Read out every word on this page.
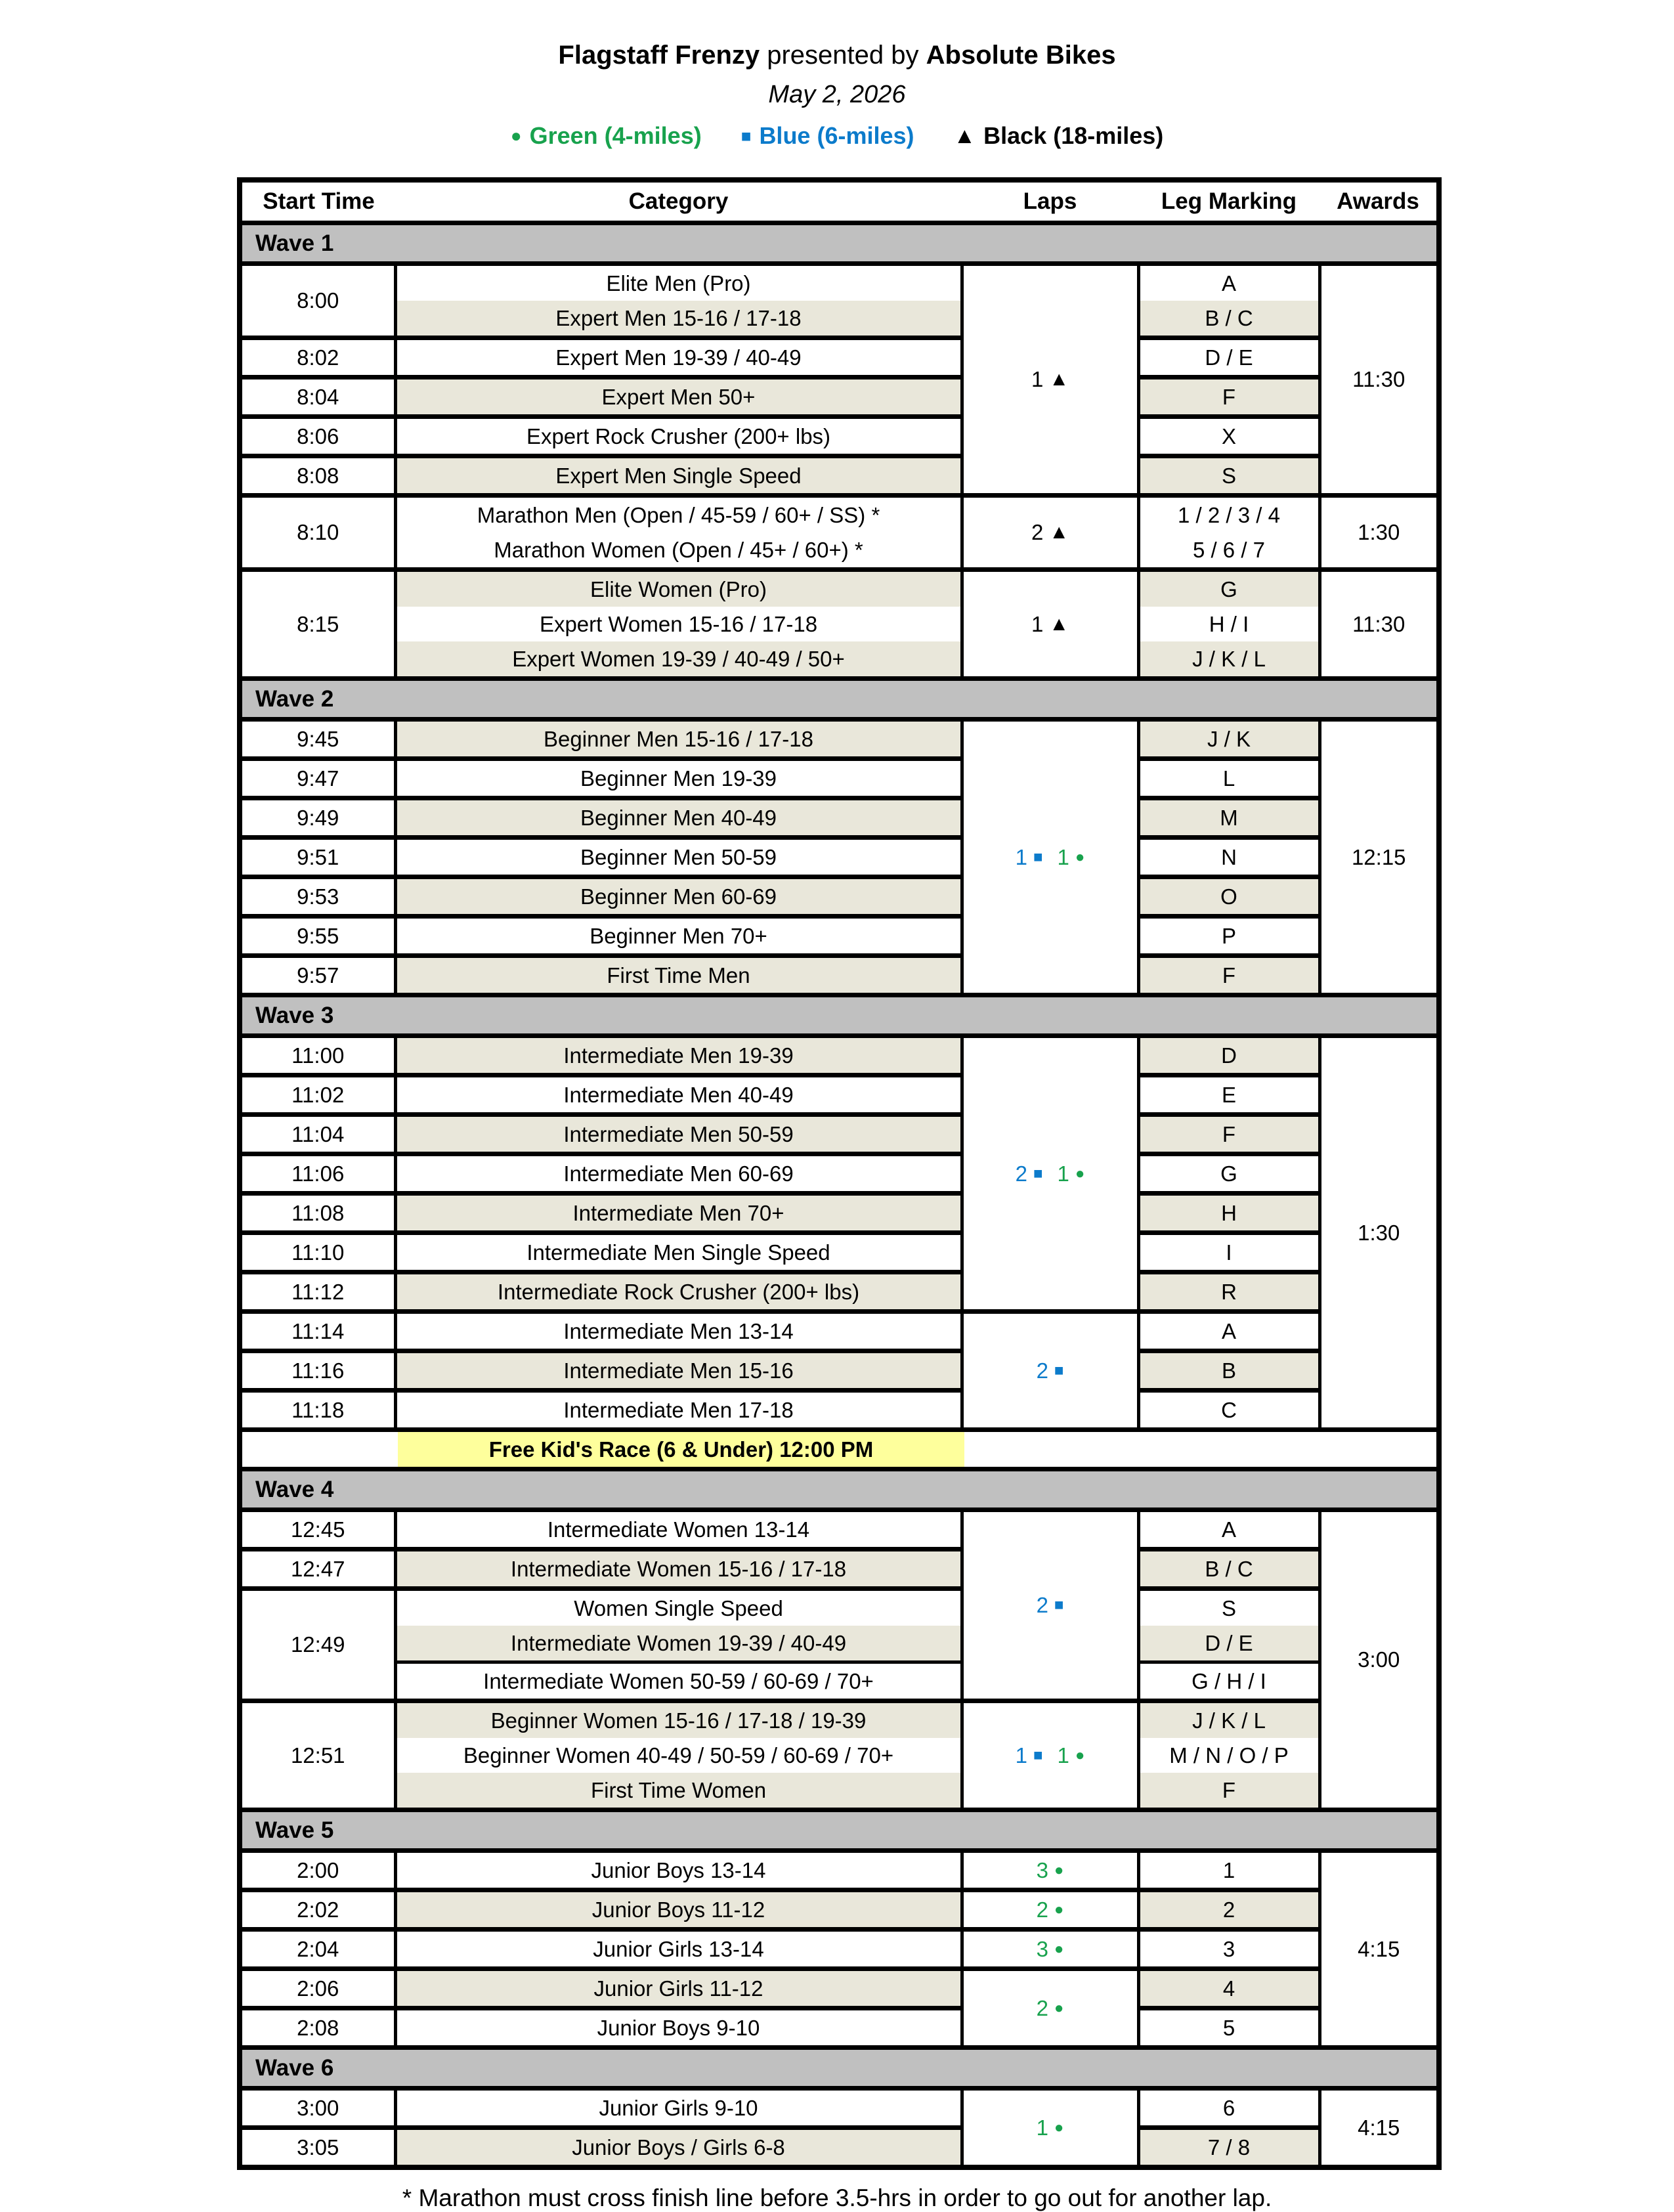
Flagstaff Frenzy presented by Absolute Bikes
May 2, 2026
● Green (4-miles) ■ Blue (6-miles) ▲ Black (18-miles)
Start Time	Category	Laps	Leg Marking	Awards
Wave 1				
8:00	Elite Men (Pro)	1 ▲	A	11:30
	Expert Men 15-16 / 17-18		B / C	
8:02	Expert Men 19-39 / 40-49		D / E	
8:04	Expert Men 50+		F	
8:06	Expert Rock Crusher (200+ lbs)		X	
8:08	Expert Men Single Speed		S	
8:10	Marathon Men (Open / 45-59 / 60+ / SS) *	2 ▲	1 / 2 / 3 / 4	1:30
	Marathon Women (Open / 45+ / 60+) *		5 / 6 / 7	
8:15	Elite Women (Pro)	1 ▲	G	11:30
	Expert Women 15-16 / 17-18		H / I	
	Expert Women 19-39 / 40-49 / 50+		J / K / L	
Wave 2				
9:45	Beginner Men 15-16 / 17-18	1 ■ 1 ●	J / K	12:15
9:47	Beginner Men 19-39		L	
9:49	Beginner Men 40-49		M	
9:51	Beginner Men 50-59		N	
9:53	Beginner Men 60-69		O	
9:55	Beginner Men 70+		P	
9:57	First Time Men		F	
Wave 3				
11:00	Intermediate Men 19-39	2 ■ 1 ●	D	1:30
11:02	Intermediate Men 40-49		E	
11:04	Intermediate Men 50-59		F	
11:06	Intermediate Men 60-69		G	
11:08	Intermediate Men 70+		H	
11:10	Intermediate Men Single Speed		I	
11:12	Intermediate Rock Crusher (200+ lbs)		R	
11:14	Intermediate Men 13-14	2 ■	A	
11:16	Intermediate Men 15-16		B	
11:18	Intermediate Men 17-18		C	

Free Kid's Race (6 & Under) 12:00 PM				

Wave 4				
12:45	Intermediate Women 13-14	2 ■	A	3:00
12:47	Intermediate Women 15-16 / 17-18		B / C	
12:49	Women Single Speed		S	
	Intermediate Women 19-39 / 40-49		D / E	
	Intermediate Women 50-59 / 60-69 / 70+		G / H / I	
12:51	Beginner Women 15-16 / 17-18 / 19-39	1 ■ 1 ●	J / K / L	
	Beginner Women 40-49 / 50-59 / 60-69 / 70+		M / N / O / P	
	First Time Women		F	
Wave 5				
2:00	Junior Boys 13-14	3 ●	1	4:15
2:02	Junior Boys 11-12	2 ●	2	
2:04	Junior Girls 13-14	3 ●	3	
2:06	Junior Girls 11-12	2 ●	4	
2:08	Junior Boys 9-10		5	
Wave 6				
3:00	Junior Girls 9-10	1 ●	6	4:15
3:05	Junior Boys / Girls 6-8		7 / 8	
* Marathon must cross finish line before 3.5-hrs in order to go out for another lap.
